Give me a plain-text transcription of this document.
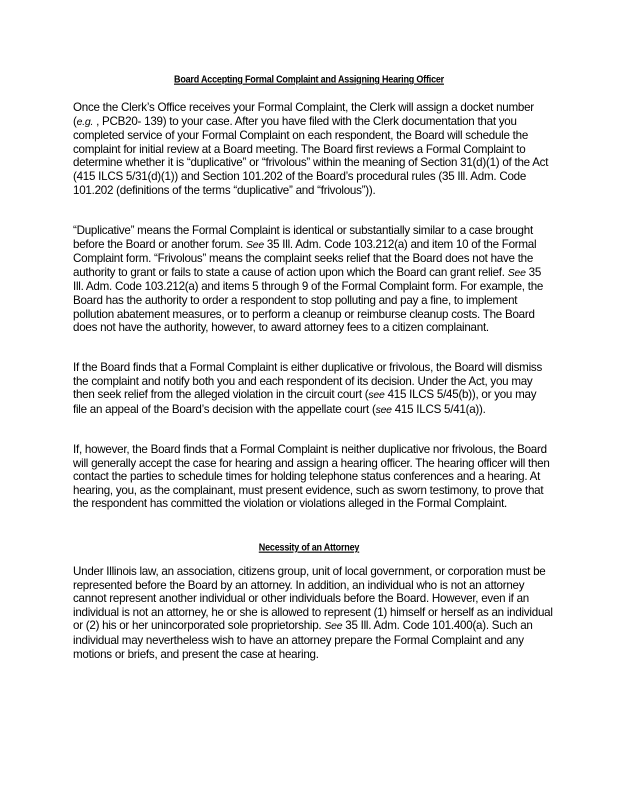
Board Accepting Formal Complaint and Assigning Hearing Officer

Once the Clerk’s Office receives your Formal Complaint, the Clerk will assign a docket number (e.g. , PCB20- 139) to your case. After you have filed with the Clerk documentation that you completed service of your Formal Complaint on each respondent, the Board will schedule the complaint for initial review at a Board meeting. The Board first reviews a Formal Complaint to determine whether it is “duplicative” or “frivolous” within the meaning of Section 31(d)(1) of the Act (415 ILCS 5/31(d)(1)) and Section 101.202 of the Board’s procedural rules (35 Ill. Adm. Code 101.202 (definitions of the terms “duplicative” and “frivolous”)).

“Duplicative” means the Formal Complaint is identical or substantially similar to a case brought before the Board or another forum. See 35 Ill. Adm. Code 103.212(a) and item 10 of the Formal Complaint form. “Frivolous” means the complaint seeks relief that the Board does not have the authority to grant or fails to state a cause of action upon which the Board can grant relief. See 35 Ill. Adm. Code 103.212(a) and items 5 through 9 of the Formal Complaint form. For example, the Board has the authority to order a respondent to stop polluting and pay a fine, to implement pollution abatement measures, or to perform a cleanup or reimburse cleanup costs. The Board does not have the authority, however, to award attorney fees to a citizen complainant.

If the Board finds that a Formal Complaint is either duplicative or frivolous, the Board will dismiss the complaint and notify both you and each respondent of its decision. Under the Act, you may then seek relief from the alleged violation in the circuit court (see 415 ILCS 5/45(b)), or you may file an appeal of the Board’s decision with the appellate court (see 415 ILCS 5/41(a)).

If, however, the Board finds that a Formal Complaint is neither duplicative nor frivolous, the Board will generally accept the case for hearing and assign a hearing officer. The hearing officer will then contact the parties to schedule times for holding telephone status conferences and a hearing. At hearing, you, as the complainant, must present evidence, such as sworn testimony, to prove that the respondent has committed the violation or violations alleged in the Formal Complaint.

Necessity of an Attorney

Under Illinois law, an association, citizens group, unit of local government, or corporation must be represented before the Board by an attorney. In addition, an individual who is not an attorney cannot represent another individual or other individuals before the Board. However, even if an individual is not an attorney, he or she is allowed to represent (1) himself or herself as an individual or (2) his or her unincorporated sole proprietorship. See 35 Ill. Adm. Code 101.400(a). Such an individual may nevertheless wish to have an attorney prepare the Formal Complaint and any motions or briefs, and present the case at hearing.
